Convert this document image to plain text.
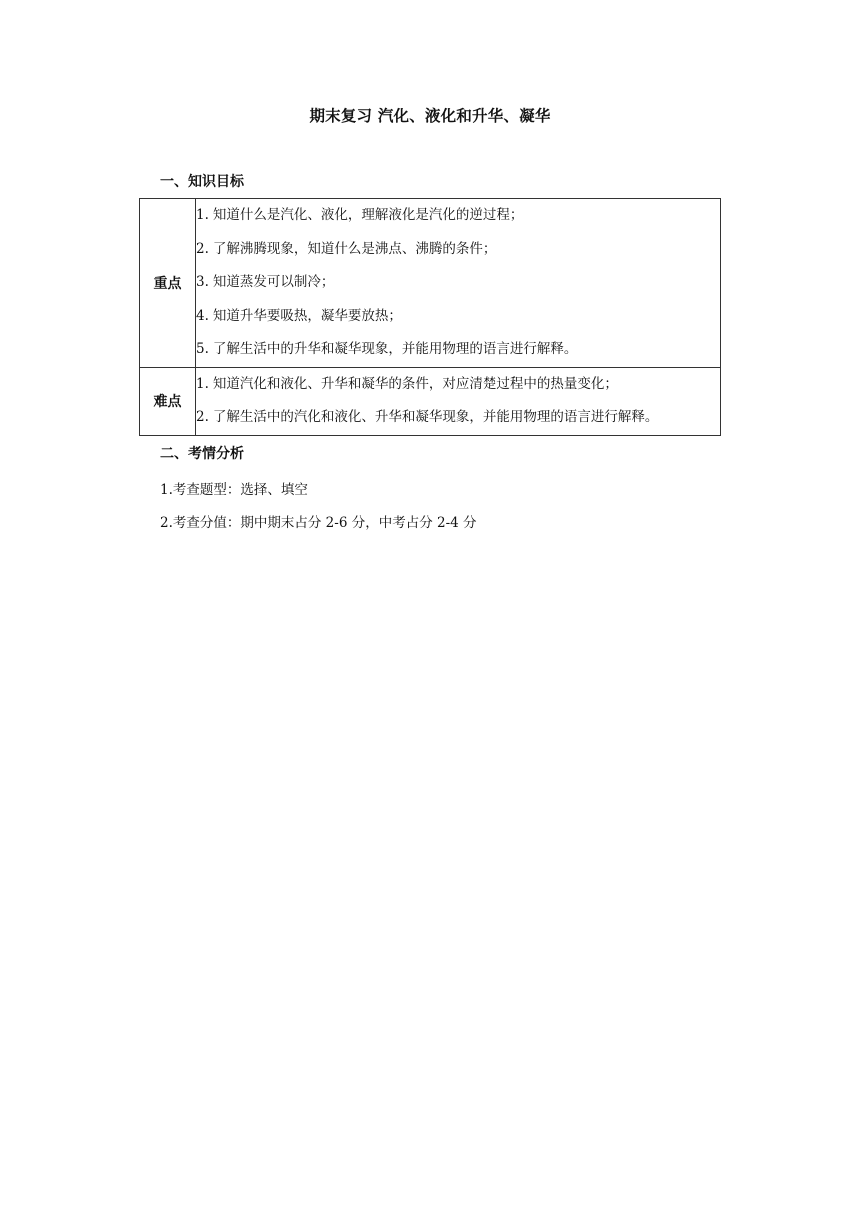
期末复习 汽化、液化和升华、凝华
一、知识目标
重点	1. 知道什么是汽化、液化，理解液化是汽化的逆过程；
2. 了解沸腾现象，知道什么是沸点、沸腾的条件；
3. 知道蒸发可以制冷；
4. 知道升华要吸热，凝华要放热；
5. 了解生活中的升华和凝华现象，并能用物理的语言进行解释。

难点	1. 知道汽化和液化、升华和凝华的条件，对应清楚过程中的热量变化；
2. 了解生活中的汽化和液化、升华和凝华现象，并能用物理的语言进行解释。
二、考情分析
1.考查题型：选择、填空
2.考查分值：期中期末占分 2-6 分，中考占分 2-4 分
